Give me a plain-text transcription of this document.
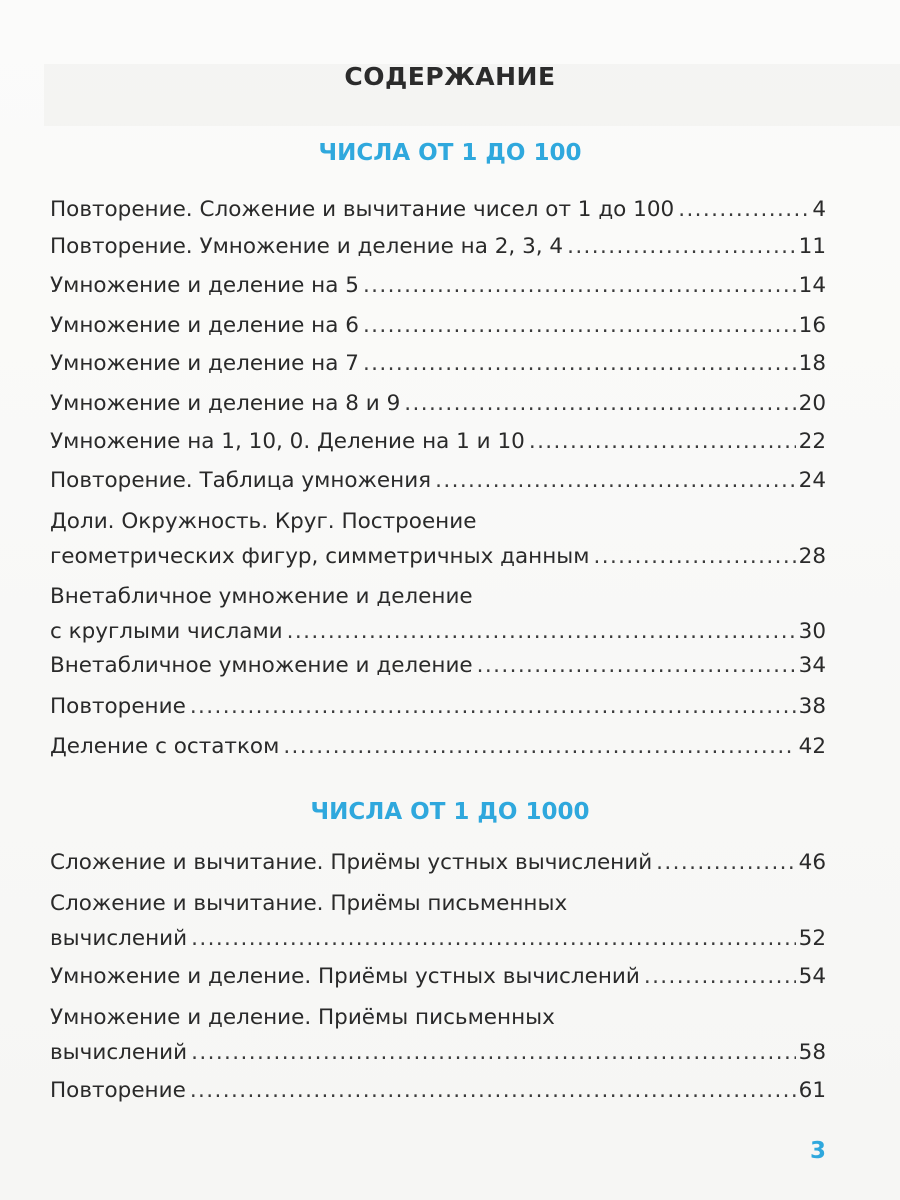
СОДЕРЖАНИЕ
ЧИСЛА ОТ 1 ДО 100
Повторение. Сложение и вычитание чисел от 1 до 100 .....	4
Повторение. Умножение и деление на 2, 3, 4 .....	11
Умножение и деление на 5 .....	14
Умножение и деление на 6 .....	16
Умножение и деление на 7 .....	18
Умножение и деление на 8 и 9 .....	20
Умножение на 1, 10, 0. Деление на 1 и 10 .....	22
Повторение. Таблица умножения .....	24
Доли. Окружность. Круг. Построение
геометрических фигур, симметричных данным .....	28
Внетабличное умножение и деление
с круглыми числами .....	30
Внетабличное умножение и деление .....	34
Повторение .....	38
Деление с остатком .....	42
ЧИСЛА ОТ 1 ДО 1000
Сложение и вычитание. Приёмы устных вычислений .....	46
Сложение и вычитание. Приёмы письменных
вычислений .....	52
Умножение и деление. Приёмы устных вычислений .....	54
Умножение и деление. Приёмы письменных
вычислений .....	58
Повторение .....	61
3
